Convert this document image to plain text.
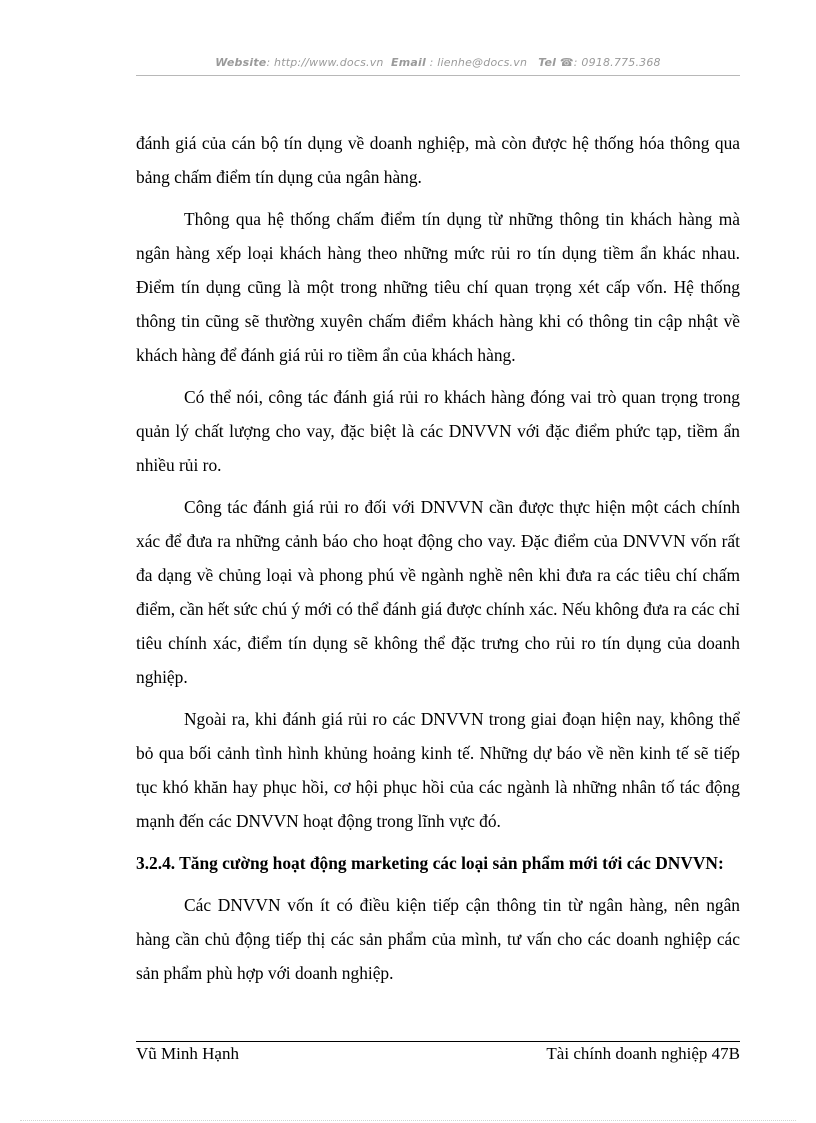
Website: http://www.docs.vn Email : lienhe@docs.vn Tel ☎: 0918.775.368

đánh giá của cán bộ tín dụng về doanh nghiệp, mà còn được hệ thống hóa thông qua bảng chấm điểm tín dụng của ngân hàng.

Thông qua hệ thống chấm điểm tín dụng từ những thông tin khách hàng mà ngân hàng xếp loại khách hàng theo những mức rủi ro tín dụng tiềm ẩn khác nhau. Điểm tín dụng cũng là một trong những tiêu chí quan trọng xét cấp vốn. Hệ thống thông tin cũng sẽ thường xuyên chấm điểm khách hàng khi có thông tin cập nhật về khách hàng để đánh giá rủi ro tiềm ẩn của khách hàng.

Có thể nói, công tác đánh giá rủi ro khách hàng đóng vai trò quan trọng trong quản lý chất lượng cho vay, đặc biệt là các DNVVN với đặc điểm phức tạp, tiềm ẩn nhiều rủi ro.

Công tác đánh giá rủi ro đối với DNVVN cần được thực hiện một cách chính xác để đưa ra những cảnh báo cho hoạt động cho vay. Đặc điểm của DNVVN vốn rất đa dạng về chủng loại và phong phú về ngành nghề nên khi đưa ra các tiêu chí chấm điểm, cần hết sức chú ý mới có thể đánh giá được chính xác. Nếu không đưa ra các chỉ tiêu chính xác, điểm tín dụng sẽ không thể đặc trưng cho rủi ro tín dụng của doanh nghiệp.

Ngoài ra, khi đánh giá rủi ro các DNVVN trong giai đoạn hiện nay, không thể bỏ qua bối cảnh tình hình khủng hoảng kinh tế. Những dự báo về nền kinh tế sẽ tiếp tục khó khăn hay phục hồi, cơ hội phục hồi của các ngành là những nhân tố tác động mạnh đến các DNVVN hoạt động trong lĩnh vực đó.

3.2.4. Tăng cường hoạt động marketing các loại sản phẩm mới tới các DNVVN:

Các DNVVN vốn ít có điều kiện tiếp cận thông tin từ ngân hàng, nên ngân hàng cần chủ động tiếp thị các sản phẩm của mình, tư vấn cho các doanh nghiệp các sản phẩm phù hợp với doanh nghiệp.

Vũ Minh Hạnh	Tài chính doanh nghiệp 47B
